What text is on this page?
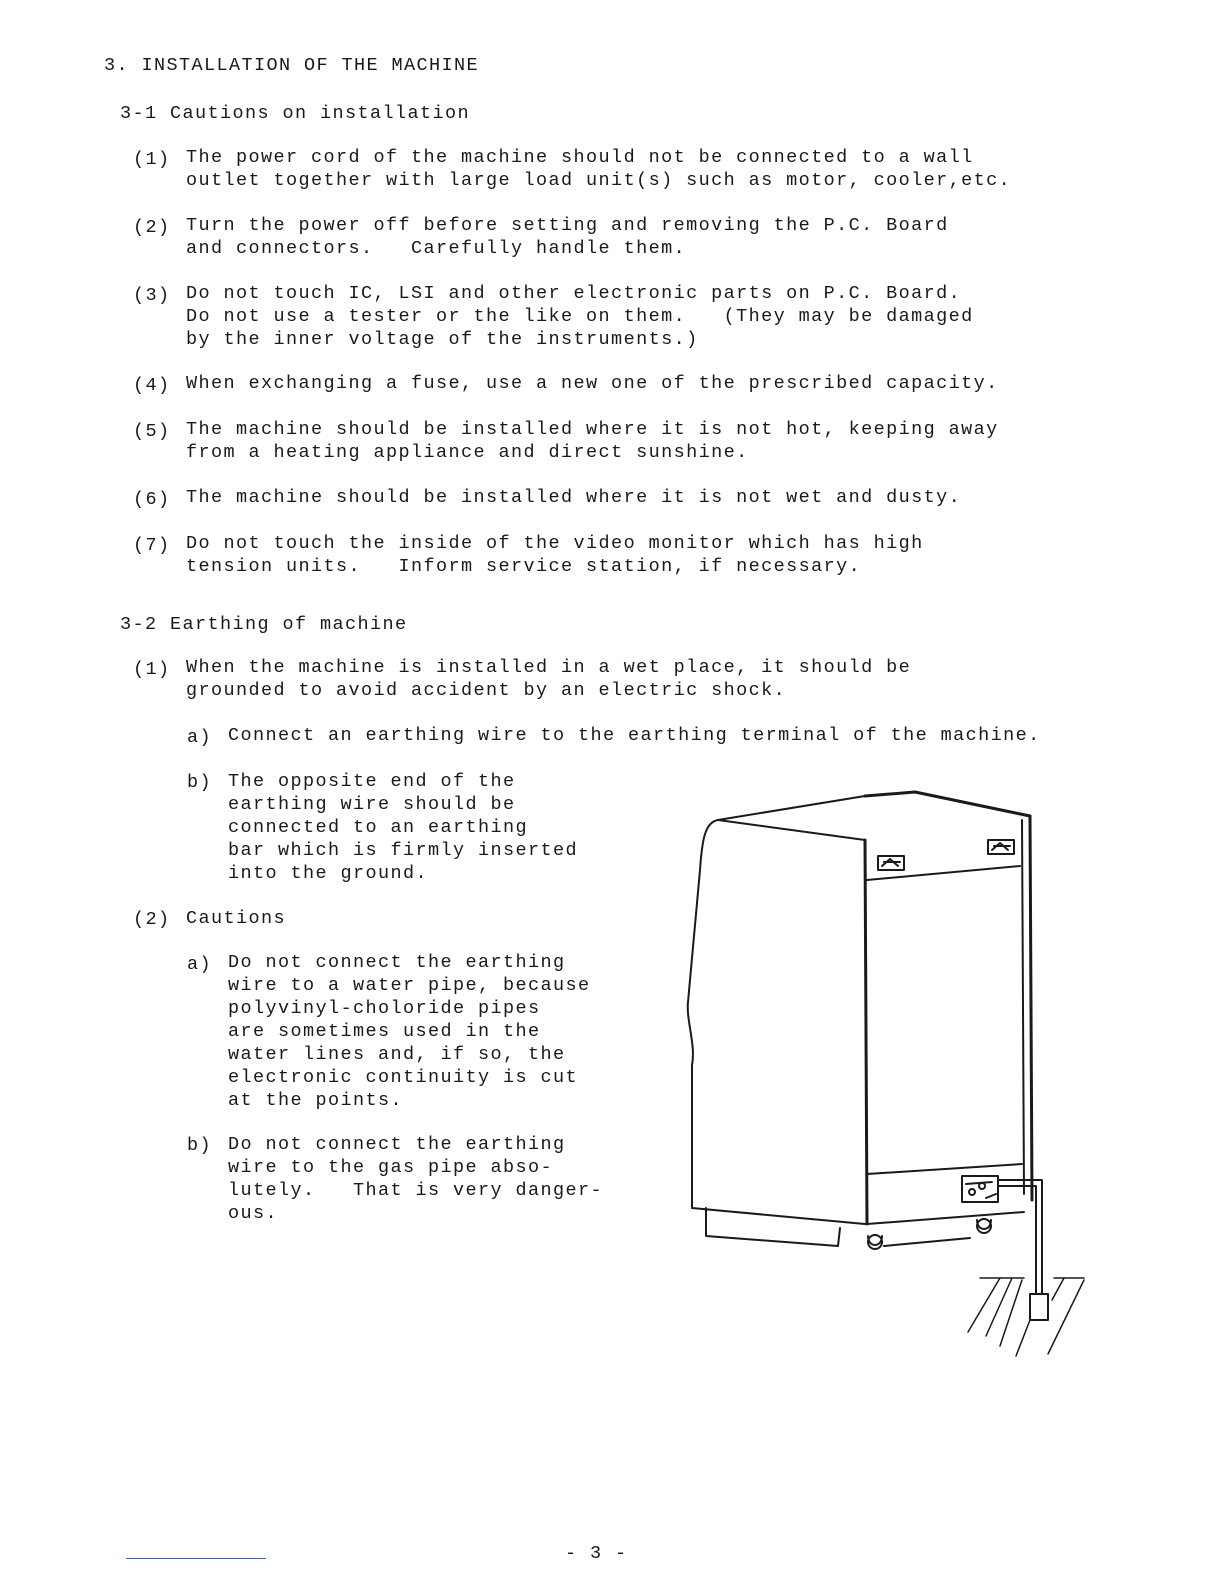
3. INSTALLATION OF THE MACHINE

3-1 Cautions on installation

(1) The power cord of the machine should not be connected to a wall

outlet together with large load unit(s) such as motor, cooler,etc.

(2) Turn the power off before setting and removing the P.C. Board

and connectors.   Carefully handle them.

(3) Do not touch IC, LSI and other electronic parts on P.C. Board.

Do not use a tester or the like on them.   (They may be damaged

by the inner voltage of the instruments.)

(4) When exchanging a fuse, use a new one of the prescribed capacity.

(5) The machine should be installed where it is not hot, keeping away

from a heating appliance and direct sunshine.

(6) The machine should be installed where it is not wet and dusty.

(7) Do not touch the inside of the video monitor which has high

tension units.   Inform service station, if necessary.

3-2 Earthing of machine

(1) When the machine is installed in a wet place, it should be

grounded to avoid accident by an electric shock.

a) Connect an earthing wire to the earthing terminal of the machine.

b) The opposite end of the

earthing wire should be

connected to an earthing

bar which is firmly inserted

into the ground.

(2) Cautions

a) Do not connect the earthing

wire to a water pipe, because

polyvinyl-choloride pipes

are sometimes used in the

water lines and, if so, the

electronic continuity is cut

at the points.

b) Do not connect the earthing

wire to the gas pipe abso-

lutely.   That is very danger-

ous.

- 3 -
